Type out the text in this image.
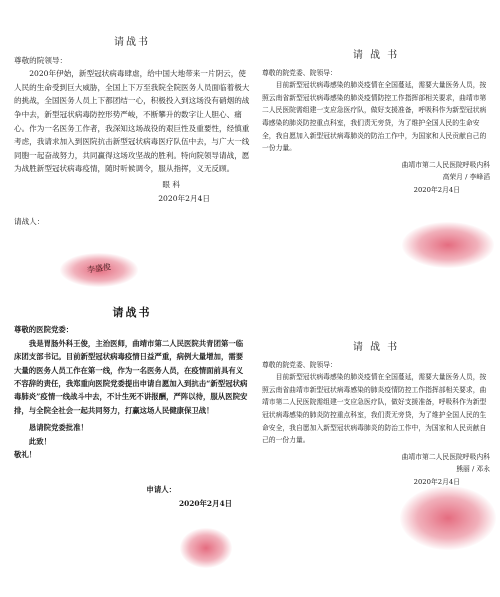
请战书

尊敬的院领导：

2020年伊始，新型冠状病毒肆虐，给中国大地带来一片阴云，使人民的生命受到巨大威胁，全国上下万至我院全院医务人员面临着极大的挑战，全国医务人员上下都团结一心，积极投入到这场没有硝烟的战争中去，新型冠状病毒防控形势严峻，不断攀升的数字让人胆心、痛心。作为一名医务工作者，我深知这场战役的艰巨性及重要性，经慎重考虑，我请求加入到医院抗击新型冠状病毒医疗队伍中去，与广大一线同胞一起奋战努力，共同赢得这场攻坚战的胜利。特向院领导请战，愿为战胜新型冠状病毒疫情，随时听候调令，服从指挥，义无反顾。

眼 科

2020年2月4日

请战人：

李盛俊
请 战 书

尊敬的院党委、院领导：

目前新型冠状病毒感染的肺炎疫情在全国蔓延，需要大量医务人员，按照云南省新型冠状病毒感染的肺炎疫情防控工作指挥部相关要求，曲靖市第二人民医院需组建一支应急医疗队，做好支援准备，呼吸科作为新型冠状病毒感染的肺炎防控重点科室，我们责无旁贷，为了维护全国人民的生命安全，我自愿加入新型冠状病毒肺炎的防治工作中，为国家和人民贡献自己的一份力量。

曲靖市第二人民医院呼吸内科

高荣月 / 李峰滔

2020年2月4日

请战书

尊敬的医院党委：

我是胃肠外科王俊，主治医师，曲靖市第二人民医院共青团第一临床团支部书记。目前新型冠状病毒疫情日益严重，病例大量增加，需要大量的医务人员工作在第一线，作为一名医务人员，在疫情面前具有义不容辞的责任，我郑重向医院党委提出申请自愿加入到抗击“新型冠状病毒肺炎”疫情一线战斗中去，不计生死不讲报酬，严阵以待，服从医院安排，与全院全社会一起共同努力，打赢这场人民健康保卫战！

恳请院党委批准！

此致！

敬礼！

申请人：

2020年2月4日

请 战 书

尊敬的院党委、院领导：

目前新型冠状病毒感染的肺炎疫情在全国蔓延，需要大量医务人员，按照云南省曲靖市新型冠状病毒感染的肺炎疫情防控工作指挥部相关要求，曲靖市第二人民医院需组建一支应急医疗队，做好支援准备，呼吸科作为新型冠状病毒感染的肺炎防控重点科室，我们责无旁贷，为了维护全国人民的生命安全，我自愿加入新型冠状病毒肺炎的防治工作中，为国家和人民贡献自己的一份力量。

曲靖市第二人民医院呼吸内科

熊丽 / 邓永

2020年2月4日
